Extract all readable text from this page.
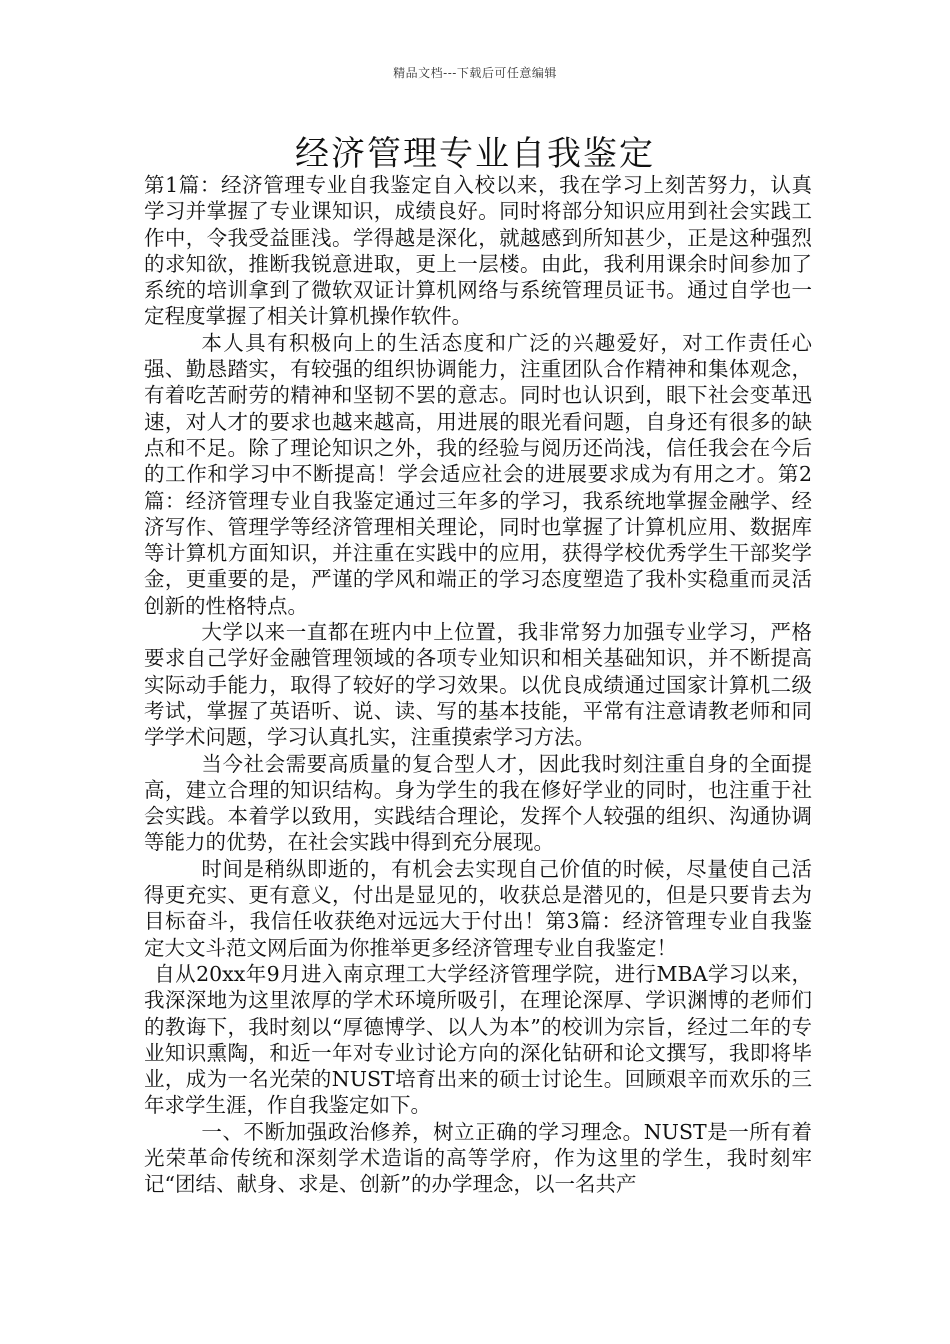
精品文档---下载后可任意编辑
经济管理专业自我鉴定

第1篇：经济管理专业自我鉴定自入校以来，我在学习上刻苦努力，认真学习并掌握了专业课知识，成绩良好。同时将部分知识应用到社会实践工作中，令我受益匪浅。学得越是深化，就越感到所知甚少，正是这种强烈的求知欲，推断我锐意进取，更上一层楼。由此，我利用课余时间参加了系统的培训拿到了微软双证计算机网络与系统管理员证书。通过自学也一定程度掌握了相关计算机操作软件。

本人具有积极向上的生活态度和广泛的兴趣爱好，对工作责任心强、勤恳踏实，有较强的组织协调能力，注重团队合作精神和集体观念，有着吃苦耐劳的精神和坚韧不罢的意志。同时也认识到，眼下社会变革迅速，对人才的要求也越来越高，用进展的眼光看问题，自身还有很多的缺点和不足。除了理论知识之外，我的经验与阅历还尚浅，信任我会在今后的工作和学习中不断提高！学会适应社会的进展要求成为有用之才。第2篇：经济管理专业自我鉴定通过三年多的学习，我系统地掌握金融学、经济写作、管理学等经济管理相关理论，同时也掌握了计算机应用、数据库等计算机方面知识，并注重在实践中的应用，获得学校优秀学生干部奖学金，更重要的是，严谨的学风和端正的学习态度塑造了我朴实稳重而灵活创新的性格特点。

大学以来一直都在班内中上位置，我非常努力加强专业学习，严格要求自己学好金融管理领域的各项专业知识和相关基础知识，并不断提高实际动手能力，取得了较好的学习效果。以优良成绩通过国家计算机二级考试，掌握了英语听、说、读、写的基本技能，平常有注意请教老师和同学学术问题，学习认真扎实，注重摸索学习方法。

当今社会需要高质量的复合型人才，因此我时刻注重自身的全面提高，建立合理的知识结构。身为学生的我在修好学业的同时，也注重于社会实践。本着学以致用，实践结合理论，发挥个人较强的组织、沟通协调等能力的优势，在社会实践中得到充分展现。

时间是稍纵即逝的，有机会去实现自己价值的时候，尽量使自己活得更充实、更有意义，付出是显见的，收获总是潜见的，但是只要肯去为目标奋斗，我信任收获绝对远远大于付出！第3篇：经济管理专业自我鉴定大文斗范文网后面为你推举更多经济管理专业自我鉴定！

自从20xx年9月进入南京理工大学经济管理学院，进行MBA学习以来，我深深地为这里浓厚的学术环境所吸引，在理论深厚、学识渊博的老师们的教诲下，我时刻以“厚德博学、以人为本”的校训为宗旨，经过二年的专业知识熏陶，和近一年对专业讨论方向的深化钻研和论文撰写，我即将毕业，成为一名光荣的NUST培育出来的硕士讨论生。回顾艰辛而欢乐的三年求学生涯，作自我鉴定如下。

一、不断加强政治修养，树立正确的学习理念。NUST是一所有着光荣革命传统和深刻学术造诣的高等学府，作为这里的学生，我时刻牢记“团结、献身、求是、创新”的办学理念，以一名共产
